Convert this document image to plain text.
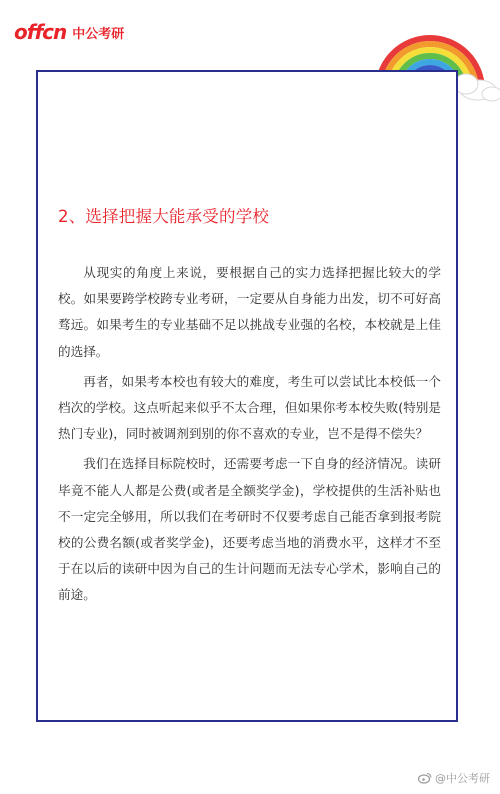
offcn 中公考研
2、选择把握大能承受的学校

从现实的角度上来说，要根据自己的实力选择把握比较大的学校。如果要跨学校跨专业考研，一定要从自身能力出发，切不可好高骛远。如果考生的专业基础不足以挑战专业强的名校，本校就是上佳的选择。

再者，如果考本校也有较大的难度，考生可以尝试比本校低一个档次的学校。这点听起来似乎不太合理，但如果你考本校失败(特别是热门专业)，同时被调剂到别的你不喜欢的专业，岂不是得不偿失？

我们在选择目标院校时，还需要考虑一下自身的经济情况。读研毕竟不能人人都是公费(或者是全额奖学金)，学校提供的生活补贴也不一定完全够用，所以我们在考研时不仅要考虑自己能否拿到报考院校的公费名额(或者奖学金)，还要考虑当地的消费水平，这样才不至于在以后的读研中因为自己的生计问题而无法专心学术，影响自己的前途。

@中公考研
